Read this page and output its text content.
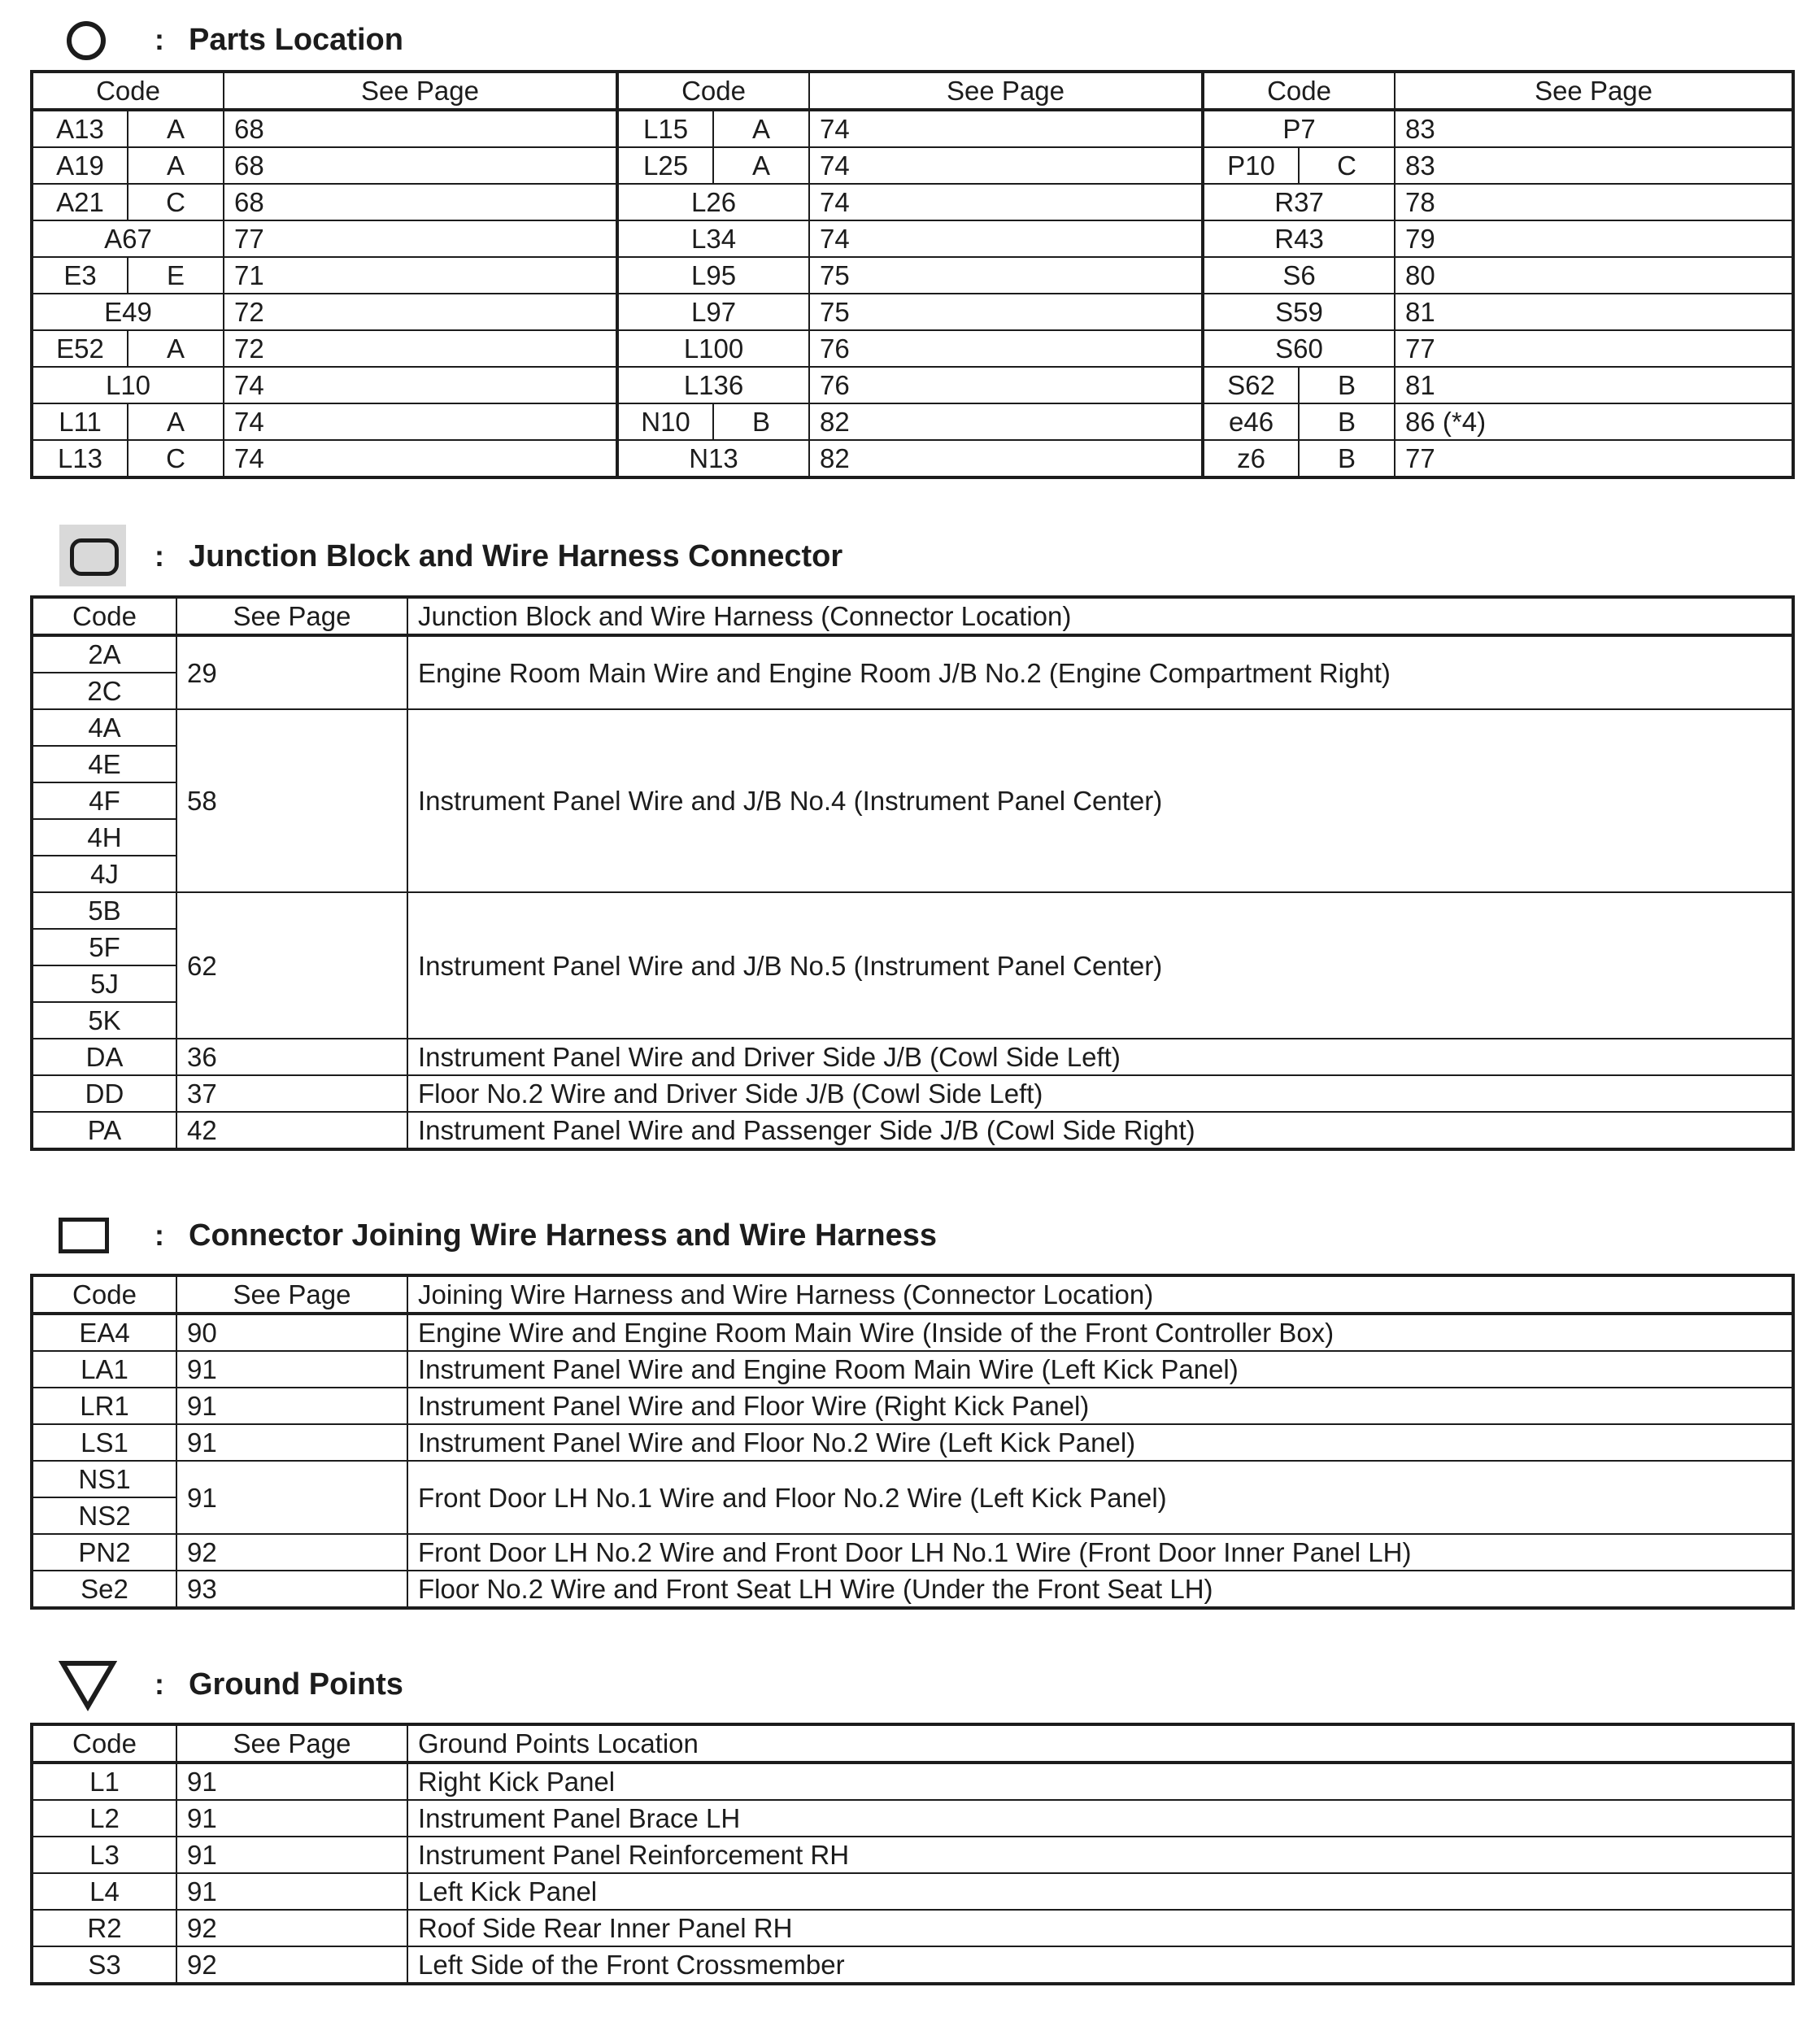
: Parts Location
Code		See Page	Code		See Page	Code		See Page
A13	A	68	L15	A	74	P7		83
A19	A	68	L25	A	74	P10	C	83
A21	C	68	L26		74	R37		78
A67		77	L34		74	R43		79
E3	E	71	L95		75	S6		80
E49		72	L97		75	S59		81
E52	A	72	L100		76	S60		77
L10		74	L136		76	S62	B	81
L11	A	74	N10	B	82	e46	B	86 (*4)
L13	C	74	N13		82	z6	B	77
: Junction Block and Wire Harness Connector
Code	See Page	Junction Block and Wire Harness (Connector Location)
2A	29	Engine Room Main Wire and Engine Room J/B No.2 (Engine Compartment Right)
2C		
4A	58	Instrument Panel Wire and J/B No.4 (Instrument Panel Center)
4E		
4F		
4H		
4J		
5B	62	Instrument Panel Wire and J/B No.5 (Instrument Panel Center)
5F		
5J		
5K		
DA	36	Instrument Panel Wire and Driver Side J/B (Cowl Side Left)
DD	37	Floor No.2 Wire and Driver Side J/B (Cowl Side Left)
PA	42	Instrument Panel Wire and Passenger Side J/B (Cowl Side Right)
: Connector Joining Wire Harness and Wire Harness
Code	See Page	Joining Wire Harness and Wire Harness (Connector Location)
EA4	90	Engine Wire and Engine Room Main Wire (Inside of the Front Controller Box)
LA1	91	Instrument Panel Wire and Engine Room Main Wire (Left Kick Panel)
LR1	91	Instrument Panel Wire and Floor Wire (Right Kick Panel)
LS1	91	Instrument Panel Wire and Floor No.2 Wire (Left Kick Panel)
NS1	91	Front Door LH No.1 Wire and Floor No.2 Wire (Left Kick Panel)
NS2		
PN2	92	Front Door LH No.2 Wire and Front Door LH No.1 Wire (Front Door Inner Panel LH)
Se2	93	Floor No.2 Wire and Front Seat LH Wire (Under the Front Seat LH)
: Ground Points
Code	See Page	Ground Points Location
L1	91	Right Kick Panel
L2	91	Instrument Panel Brace LH
L3	91	Instrument Panel Reinforcement RH
L4	91	Left Kick Panel
R2	92	Roof Side Rear Inner Panel RH
S3	92	Left Side of the Front Crossmember
